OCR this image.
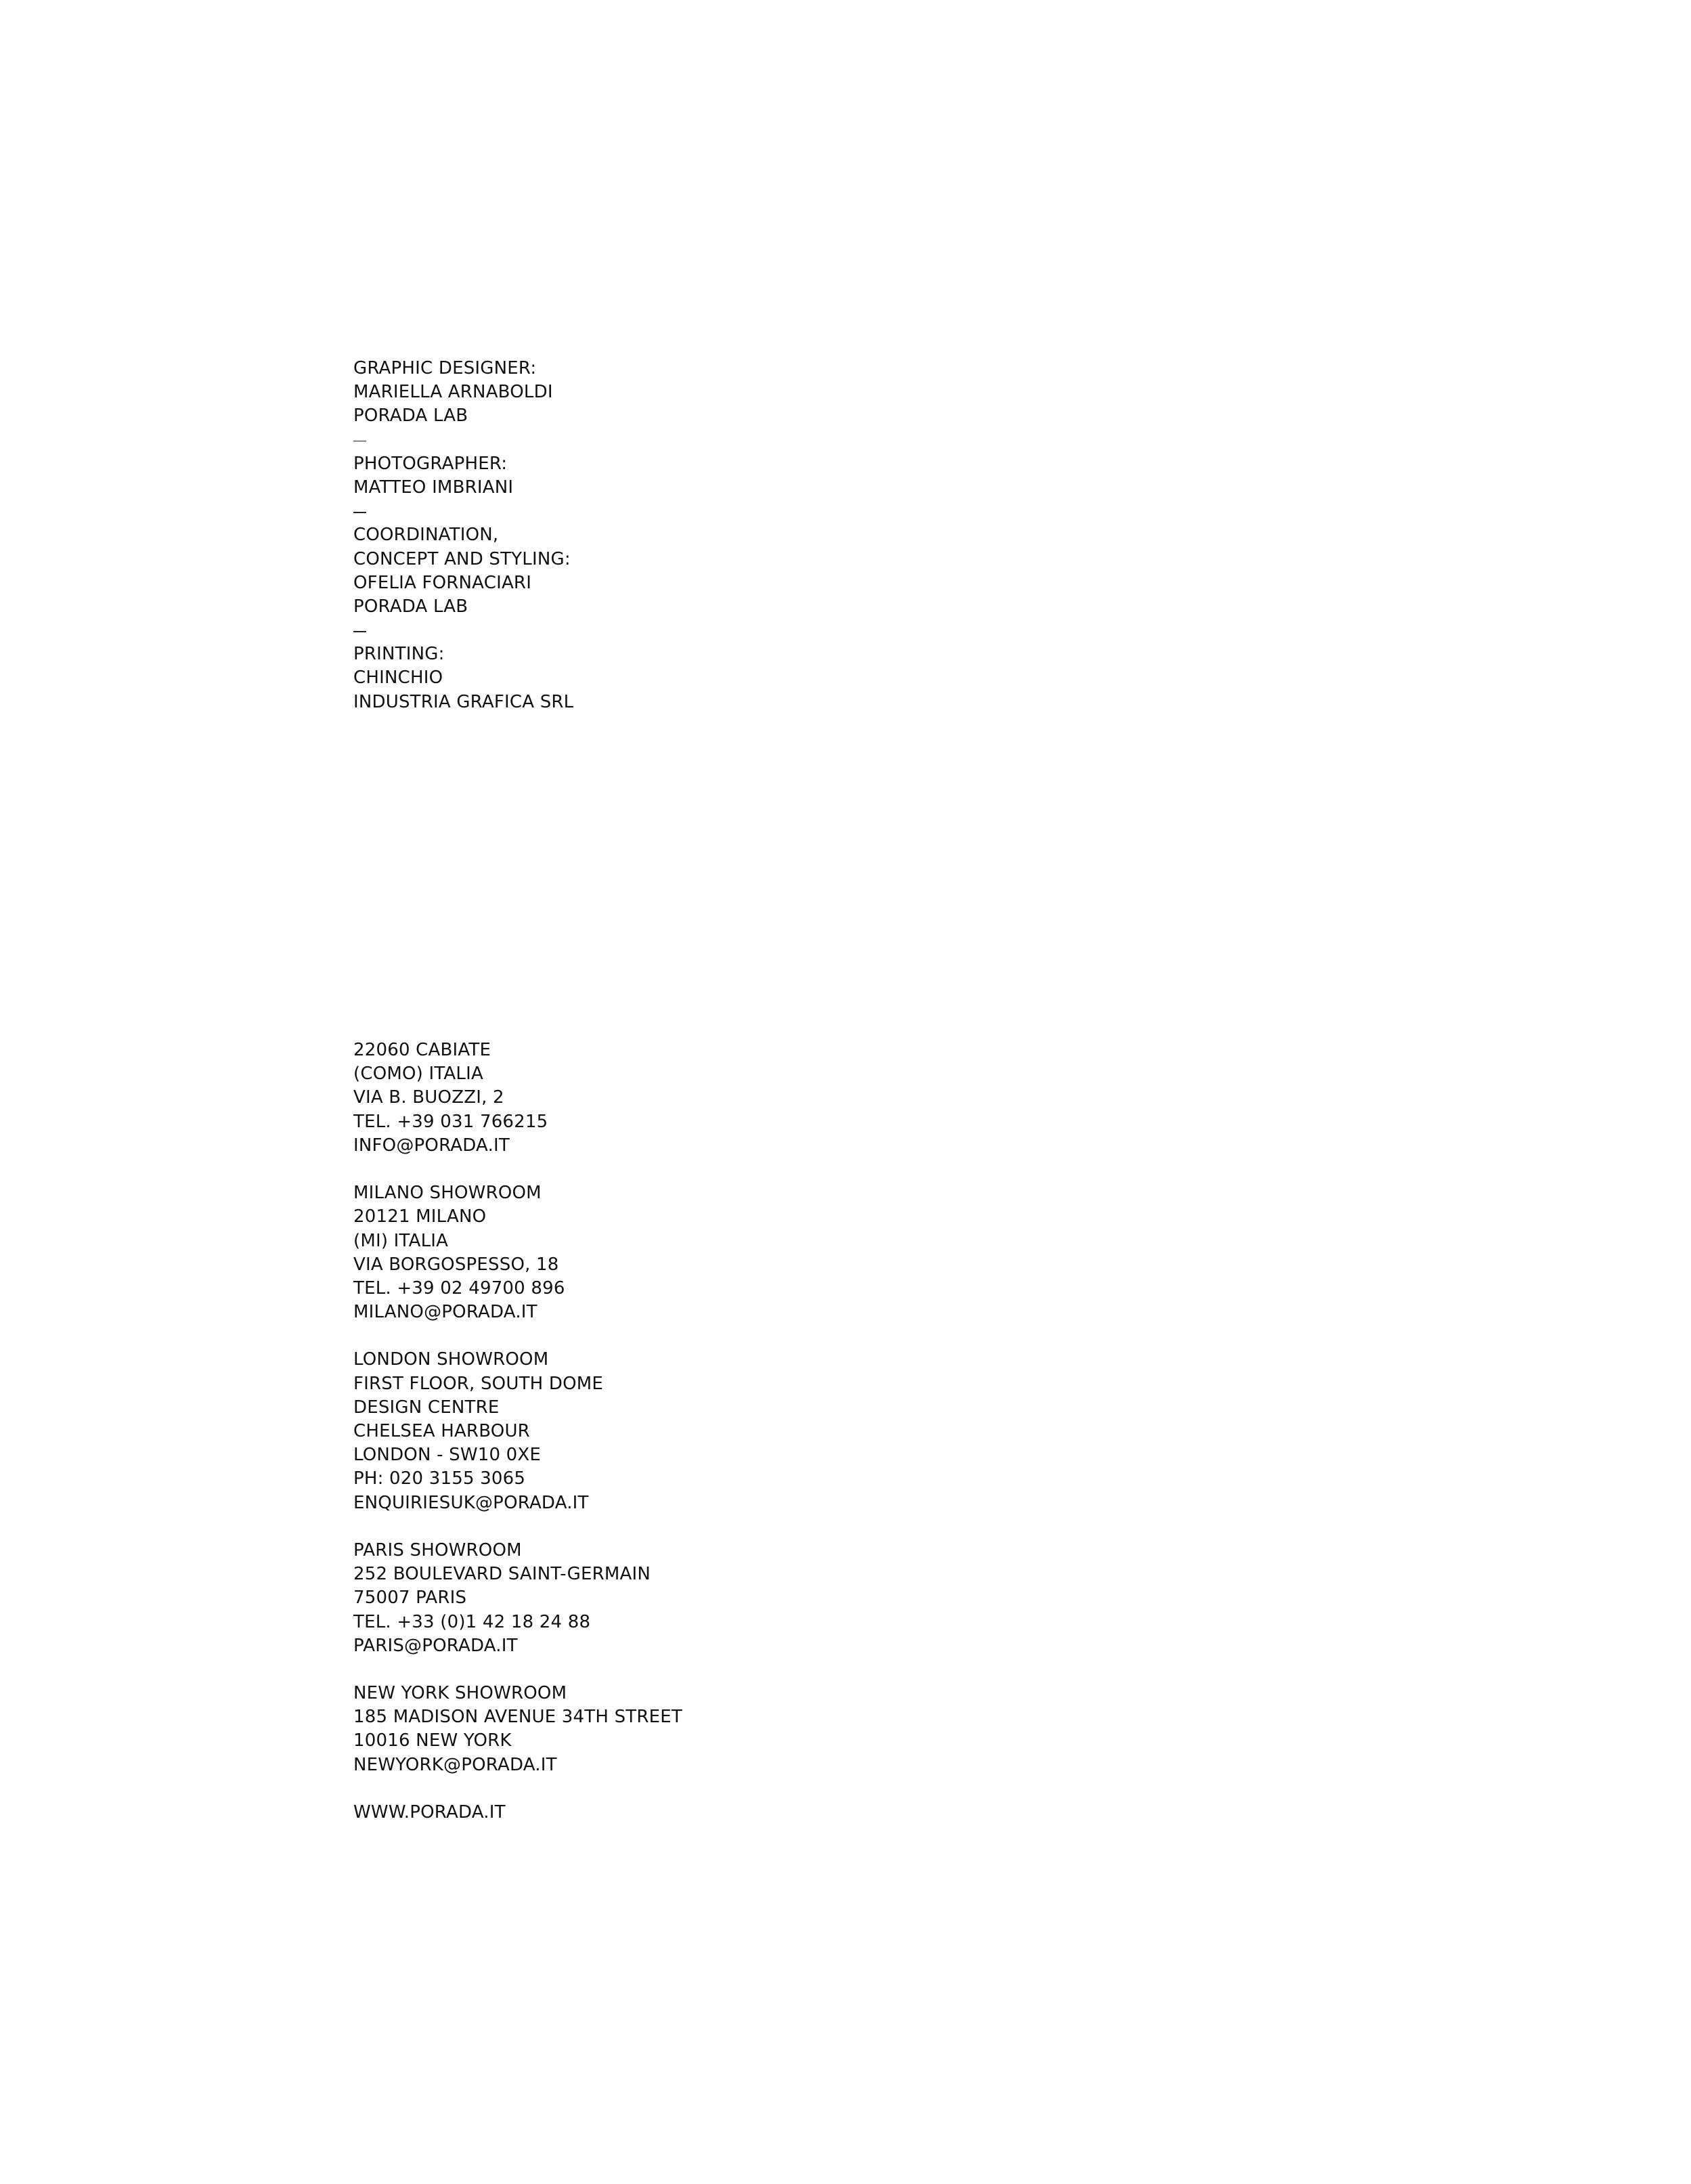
GRAPHIC DESIGNER:
MARIELLA ARNABOLDI
PORADA LAB
PHOTOGRAPHER:
MATTEO IMBRIANI
COORDINATION,
CONCEPT AND STYLING:
OFELIA FORNACIARI
PORADA LAB
PRINTING:
CHINCHIO
INDUSTRIA GRAFICA SRL
22060 CABIATE
(COMO) ITALIA
VIA B. BUOZZI, 2
TEL. +39 031 766215
INFO@PORADA.IT
MILANO SHOWROOM
20121 MILANO
(MI) ITALIA
VIA BORGOSPESSO, 18
TEL. +39 02 49700 896
MILANO@PORADA.IT
LONDON SHOWROOM
FIRST FLOOR, SOUTH DOME
DESIGN CENTRE
CHELSEA HARBOUR
LONDON - SW10 0XE
PH: 020 3155 3065
ENQUIRIESUK@PORADA.IT
PARIS SHOWROOM
252 BOULEVARD SAINT-GERMAIN
75007 PARIS
TEL. +33 (0)1 42 18 24 88
PARIS@PORADA.IT
NEW YORK SHOWROOM
185 MADISON AVENUE 34TH STREET
10016 NEW YORK
NEWYORK@PORADA.IT
WWW.PORADA.IT
